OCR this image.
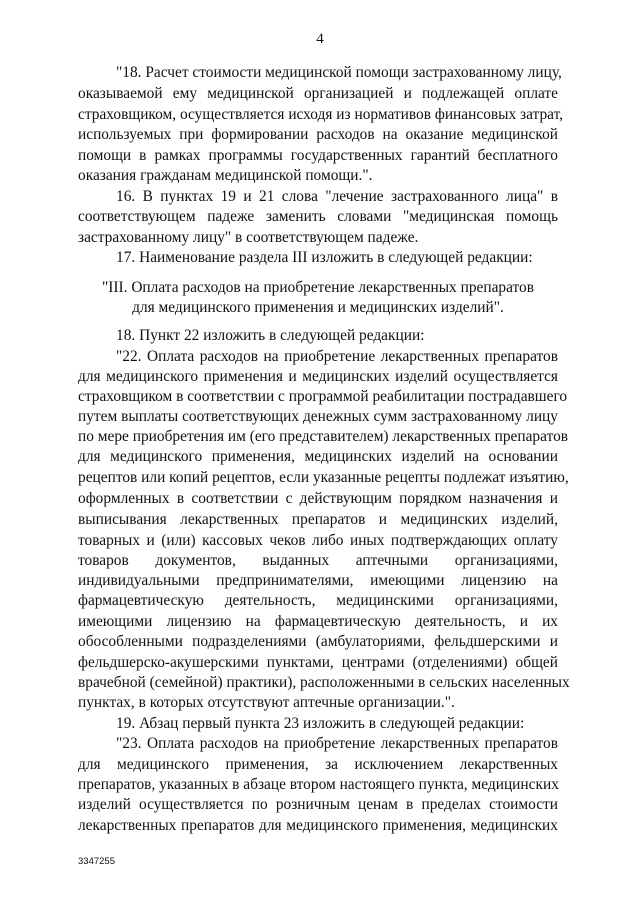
4
"18. Расчет стоимости медицинской помощи застрахованному лицу,
оказываемой ему медицинской организацией и подлежащей оплате
страховщиком, осуществляется исходя из нормативов финансовых затрат,
используемых при формировании расходов на оказание медицинской
помощи в рамках программы государственных гарантий бесплатного
оказания гражданам медицинской помощи.".
16. В пунктах 19 и 21 слова "лечение застрахованного лица" в
соответствующем падеже заменить словами "медицинская помощь
застрахованному лицу" в соответствующем падеже.
17. Наименование раздела III изложить в следующей редакции:
"III. Оплата расходов на приобретение лекарственных препаратов
для медицинского применения и медицинских изделий".
18. Пункт 22 изложить в следующей редакции:
"22. Оплата расходов на приобретение лекарственных препаратов
для медицинского применения и медицинских изделий осуществляется
страховщиком в соответствии с программой реабилитации пострадавшего
путем выплаты соответствующих денежных сумм застрахованному лицу
по мере приобретения им (его представителем) лекарственных препаратов
для медицинского применения, медицинских изделий на основании
рецептов или копий рецептов, если указанные рецепты подлежат изъятию,
оформленных в соответствии с действующим порядком назначения и
выписывания лекарственных препаратов и медицинских изделий,
товарных и (или) кассовых чеков либо иных подтверждающих оплату
товаров документов, выданных аптечными организациями,
индивидуальными предпринимателями, имеющими лицензию на
фармацевтическую деятельность, медицинскими организациями,
имеющими лицензию на фармацевтическую деятельность, и их
обособленными подразделениями (амбулаториями, фельдшерскими и
фельдшерско-акушерскими пунктами, центрами (отделениями) общей
врачебной (семейной) практики), расположенными в сельских населенных
пунктах, в которых отсутствуют аптечные организации.".
19. Абзац первый пункта 23 изложить в следующей редакции:
"23. Оплата расходов на приобретение лекарственных препаратов
для медицинского применения, за исключением лекарственных
препаратов, указанных в абзаце втором настоящего пункта, медицинских
изделий осуществляется по розничным ценам в пределах стоимости
лекарственных препаратов для медицинского применения, медицинских
3347255
